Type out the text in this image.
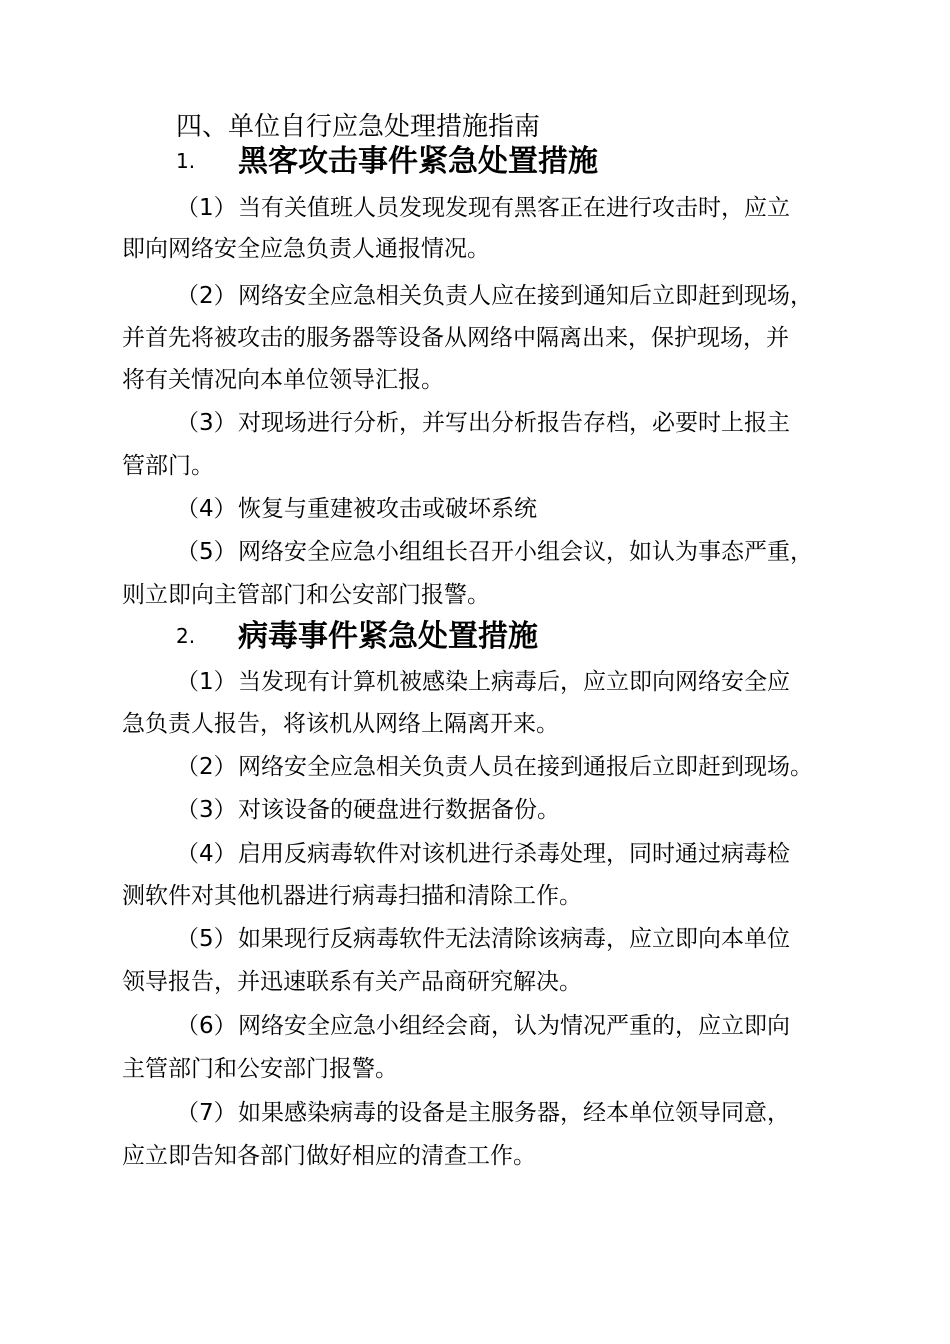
四、单位自行应急处理措施指南
1. 黑客攻击事件紧急处置措施
（1）当有关值班人员发现发现有黑客正在进行攻击时，应立
即向网络安全应急负责人通报情况。
（2）网络安全应急相关负责人应在接到通知后立即赶到现场，
并首先将被攻击的服务器等设备从网络中隔离出来，保护现场，并
将有关情况向本单位领导汇报。
（3）对现场进行分析，并写出分析报告存档，必要时上报主
管部门。
（4）恢复与重建被攻击或破坏系统
（5）网络安全应急小组组长召开小组会议，如认为事态严重，
则立即向主管部门和公安部门报警。
2. 病毒事件紧急处置措施
（1）当发现有计算机被感染上病毒后，应立即向网络安全应
急负责人报告，将该机从网络上隔离开来。
（2）网络安全应急相关负责人员在接到通报后立即赶到现场。
（3）对该设备的硬盘进行数据备份。
（4）启用反病毒软件对该机进行杀毒处理，同时通过病毒检
测软件对其他机器进行病毒扫描和清除工作。
（5）如果现行反病毒软件无法清除该病毒，应立即向本单位
领导报告，并迅速联系有关产品商研究解决。
（6）网络安全应急小组经会商，认为情况严重的，应立即向
主管部门和公安部门报警。
（7）如果感染病毒的设备是主服务器，经本单位领导同意，
应立即告知各部门做好相应的清查工作。
